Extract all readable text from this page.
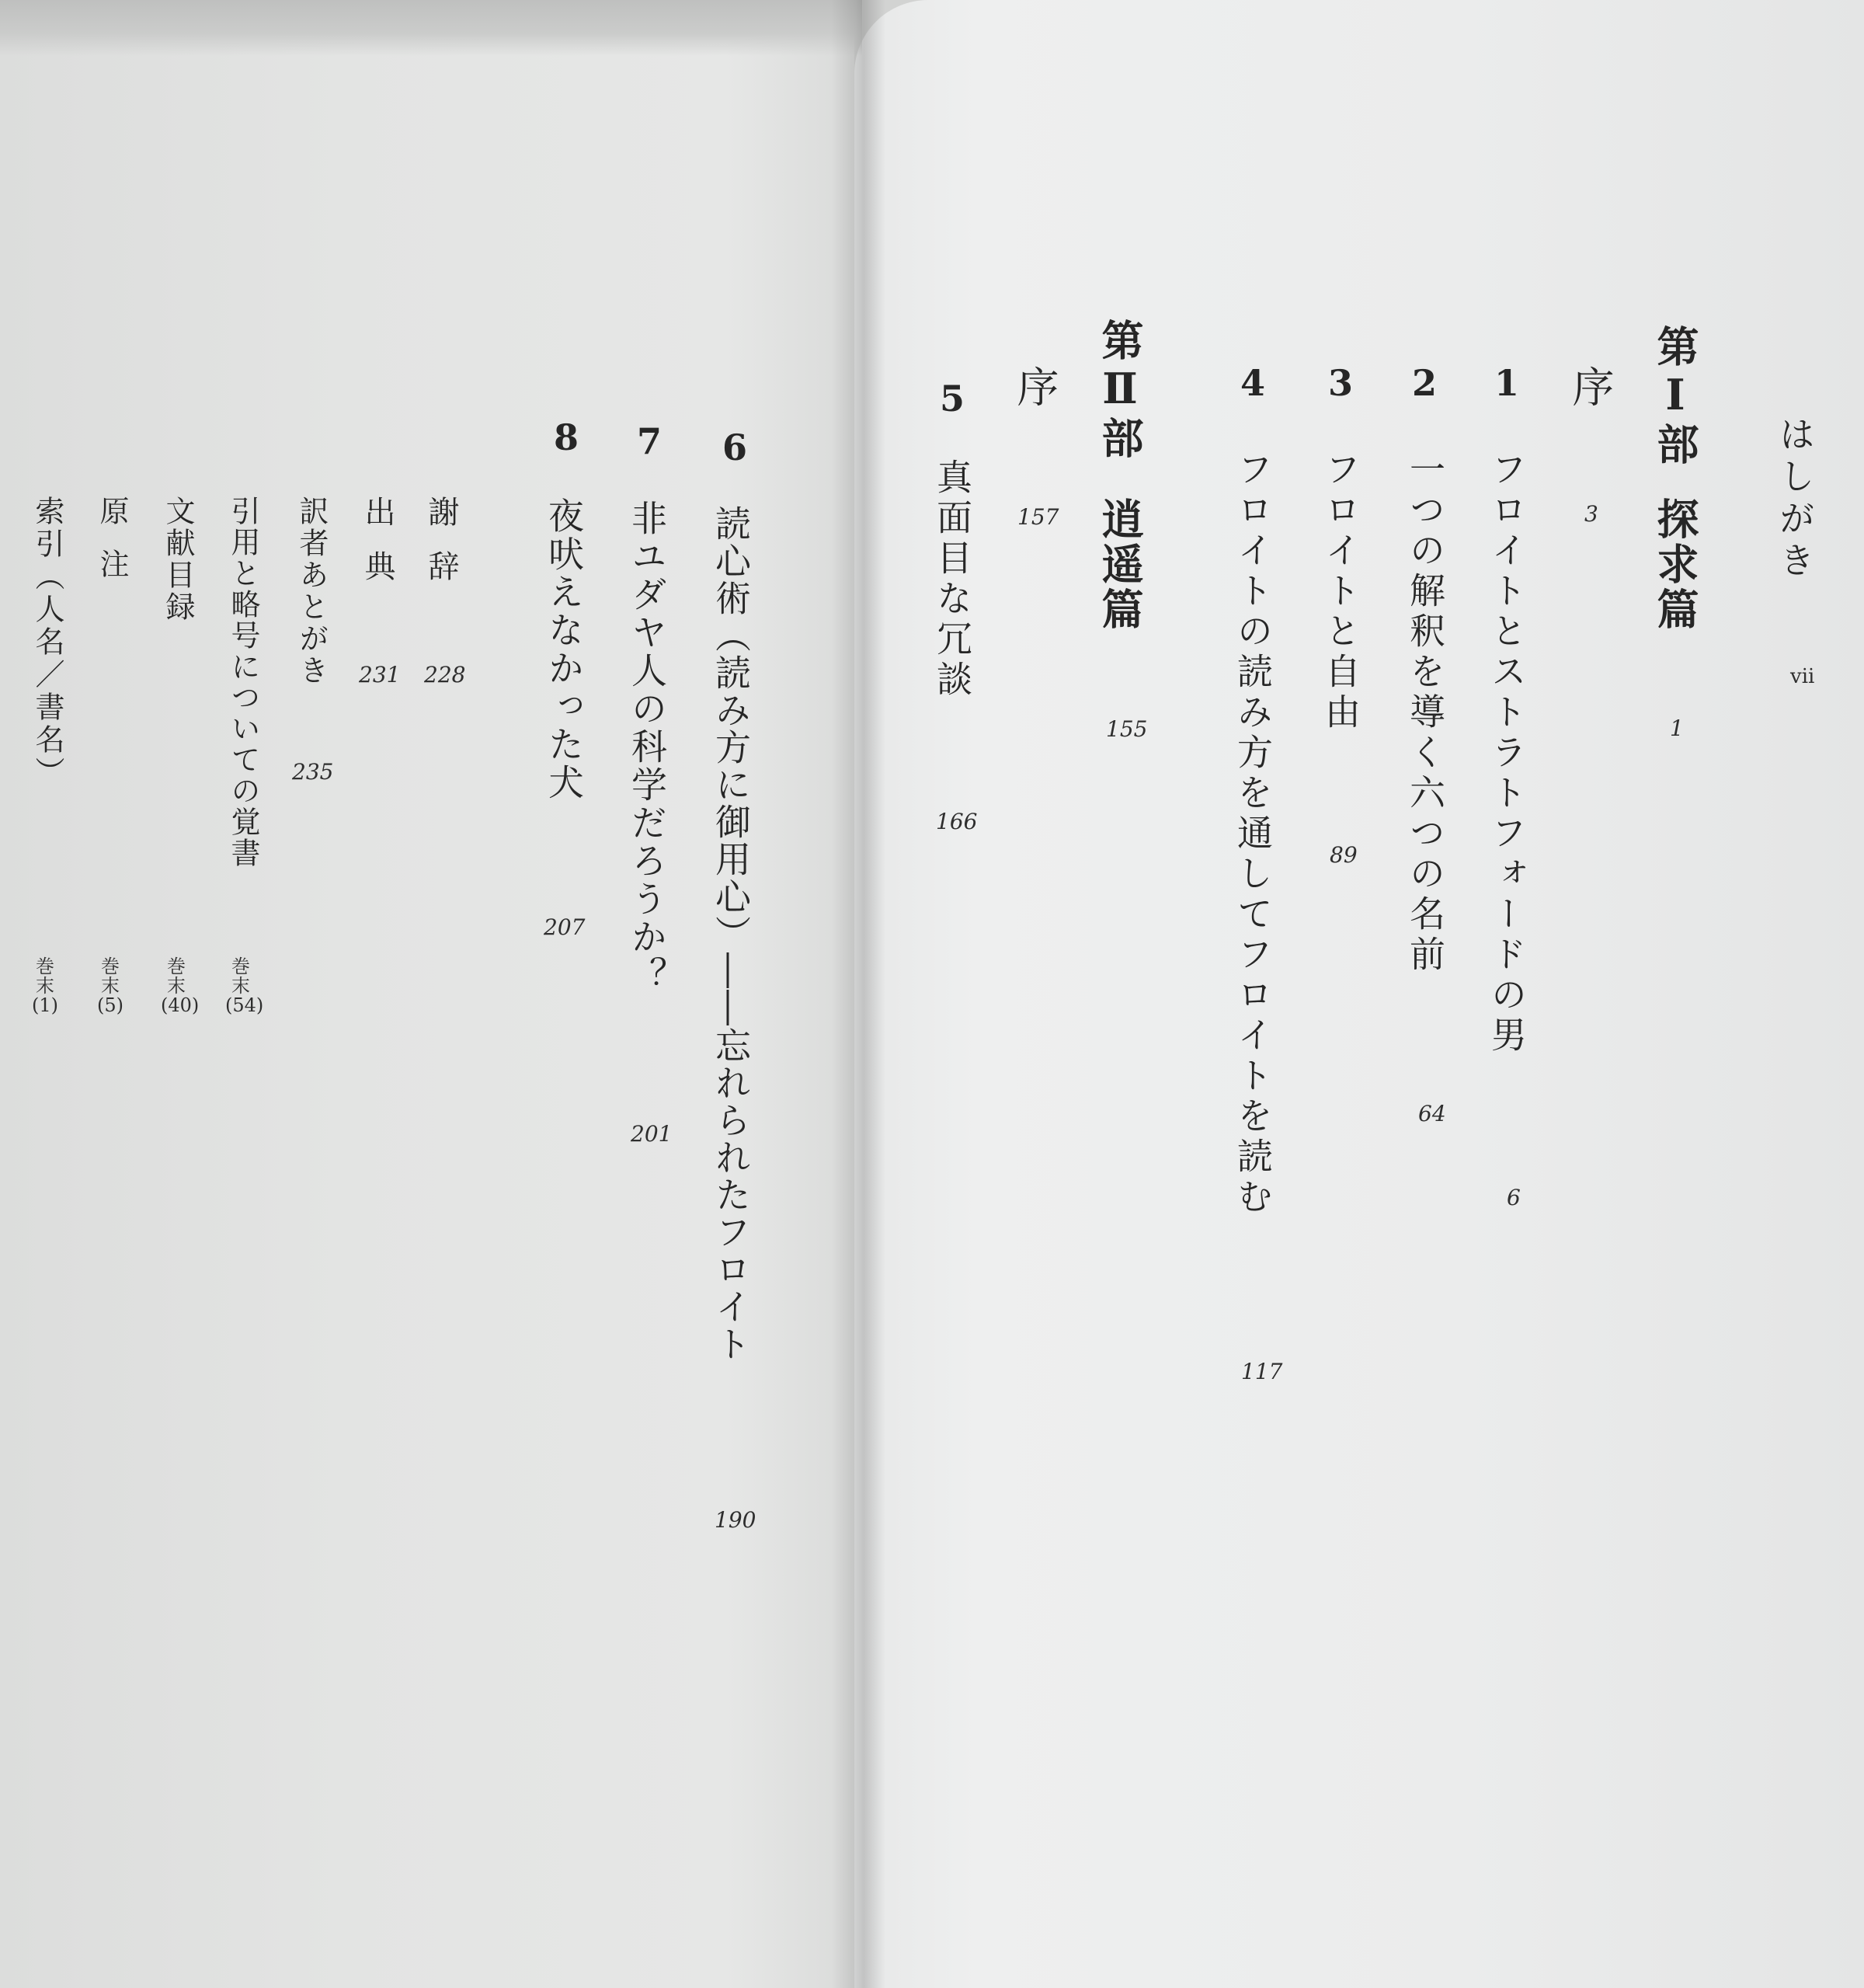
はしがき
vii
第Ⅰ部
探求篇
1
序
3
1
フロイトとストラトフォードの男
6
2
一つの解釈を導く六つの名前
64
3
フロイトと自由
89
4
フロイトの読み方を通してフロイトを読む
117
第Ⅱ部
逍遥篇
155
序
157
5
真面目な冗談
166
6
読心術（読み方に御用心）――忘れられたフロイト
190
7
非ユダヤ人の科学だろうか？
201
8
夜吠えなかった犬
207
謝辞
228
出典
231
訳者あとがき
235
引用と略号についての覚書
巻
末
(54)
文献目録
巻
末
(40)
原注
巻
末
(5)
索引（人名／書名）
巻
末
(1)
